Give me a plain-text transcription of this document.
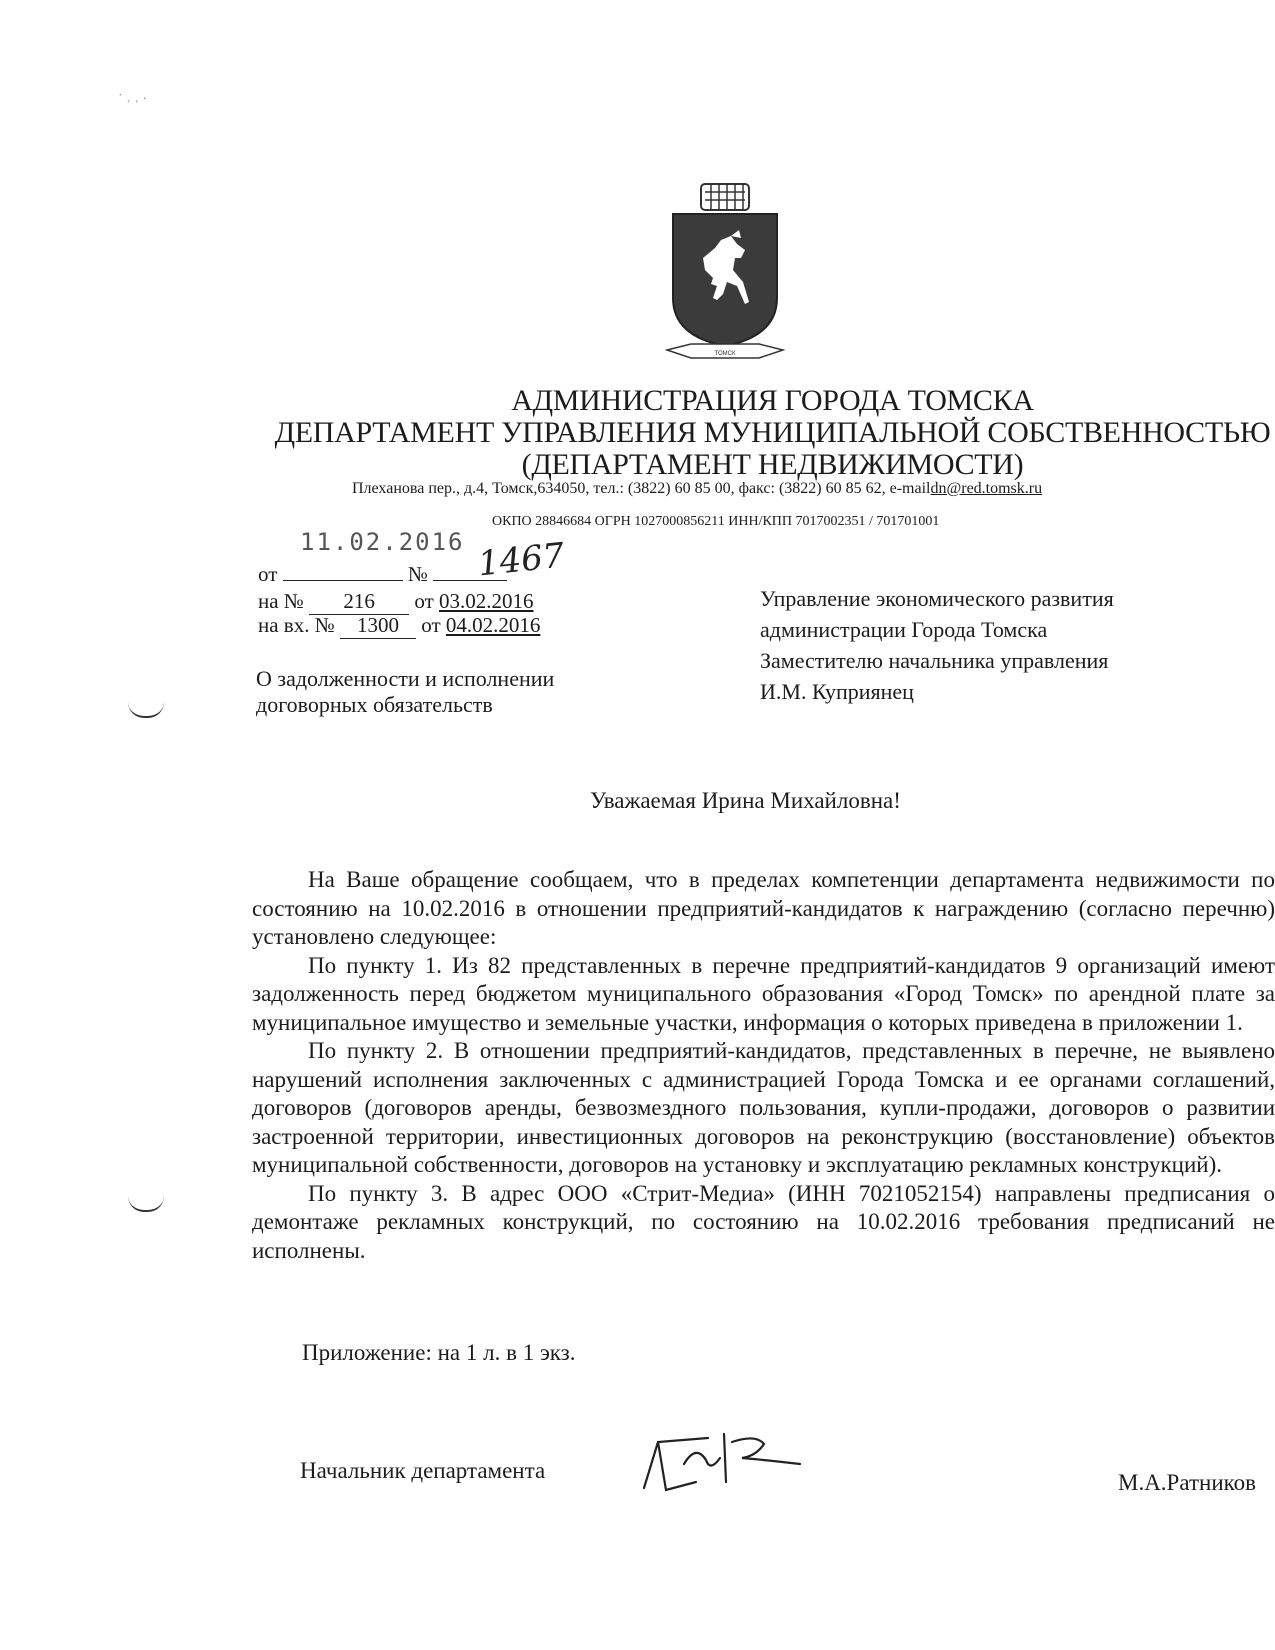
˙ ˒ ˓ ·
ТОМСК
АДМИНИСТРАЦИЯ ГОРОДА ТОМСКА
ДЕПАРТАМЕНТ УПРАВЛЕНИЯ МУНИЦИПАЛЬНОЙ СОБСТВЕННОСТЬЮ
(ДЕПАРТАМЕНТ НЕДВИЖИМОСТИ)
Плеханова пер., д.4, Томск,634050, тел.: (3822) 60 85 00, факс: (3822) 60 85 62, e-maildn@red.tomsk.ru
ОКПО 28846684 ОГРН 1027000856211 ИНН/КПП 7017002351 / 701701001
11.02.2016
от	№	1467
на № 216 от 03.02.2016
на вх. № 1300 от 04.02.2016
Управление экономического развития
администрации Города Томска
Заместителю начальника управления
И.М. Куприянец
О задолженности и исполнении
договорных обязательств
Уважаемая Ирина Михайловна!

На Ваше обращение сообщаем, что в пределах компетенции департамента недвижимости по состоянию на 10.02.2016 в отношении предприятий-кандидатов к награждению (согласно перечню) установлено следующее:

По пункту 1. Из 82 представленных в перечне предприятий-кандидатов 9 организаций имеют задолженность перед бюджетом муниципального образования «Город Томск» по арендной плате за муниципальное имущество и земельные участки, информация о которых приведена в приложении 1.

По пункту 2. В отношении предприятий-кандидатов, представленных в перечне, не выявлено нарушений исполнения заключенных с администрацией Города Томска и ее органами соглашений, договоров (договоров аренды, безвозмездного пользования, купли-продажи, договоров о развитии застроенной территории, инвестиционных договоров на реконструкцию (восстановление) объектов муниципальной собственности, договоров на установку и эксплуатацию рекламных конструкций).

По пункту 3. В адрес ООО «Стрит-Медиа» (ИНН 7021052154) направлены предписания о демонтаже рекламных конструкций, по состоянию на 10.02.2016 требования предписаний не исполнены.

Приложение: на 1 л. в 1 экз.
Начальник департамента	М.А.Ратников
